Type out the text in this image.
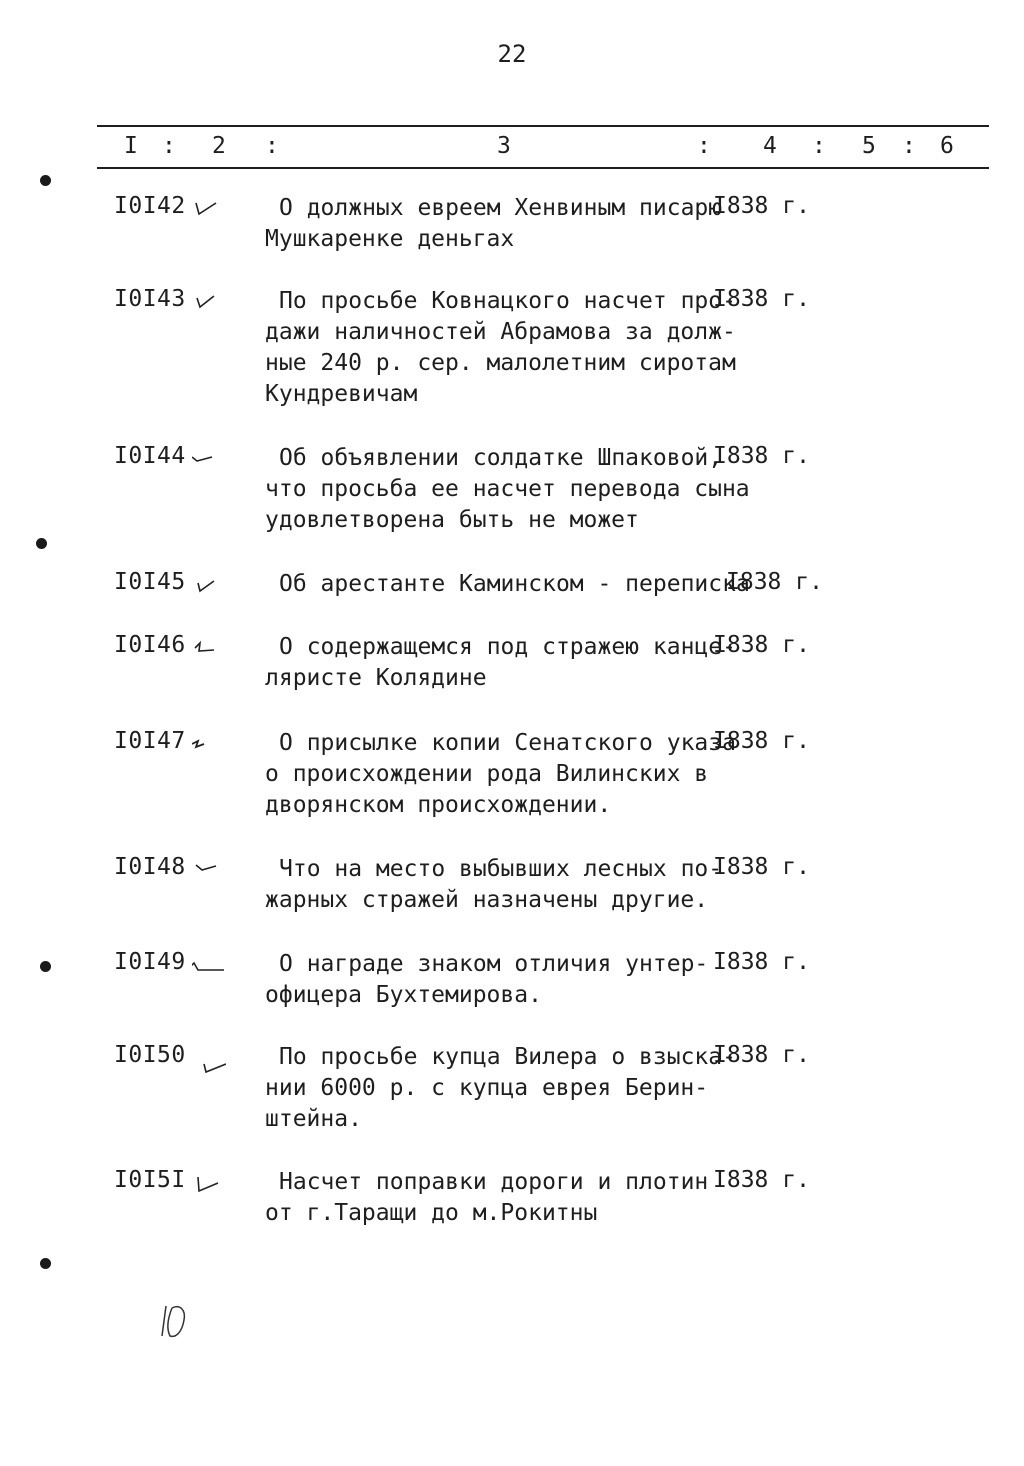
22
I : 2 :	3	: 4 : 5 : 6
I0I42	О должных евреем Хенвиным писарю
Мушкаренке деньгах
I838 г.
I0I43	По просьбе Ковнацкого насчет про-
дажи наличностей Абрамова за долж-
ные 240 р. сер. малолетним сиротам
Кундревичам
I838 г.
I0I44	Об объявлении солдатке Шпаковой,
что просьба ее насчет перевода сына
удовлетворена быть не может
I838 г.
I0I45	Об арестанте Каминском - переписка
I838 г.
I0I46	О содержащемся под стражею канце-
ляристе Колядине
I838 г.
I0I47	О присылке копии Сенатского указа
о происхождении рода Вилинских в
дворянском происхождении.
I838 г.
I0I48	Что на место выбывших лесных по-
жарных стражей назначены другие.
I838 г.
I0I49	О награде знаком отличия унтер-
офицера Бухтемирова.
I838 г.
I0I50	По просьбе купца Вилера о взыска-
нии 6000 р. с купца еврея Берин-
штейна.
I838 г.
I0I5I	Насчет поправки дороги и плотин
от г.Таращи до м.Рокитны
I838 г.
